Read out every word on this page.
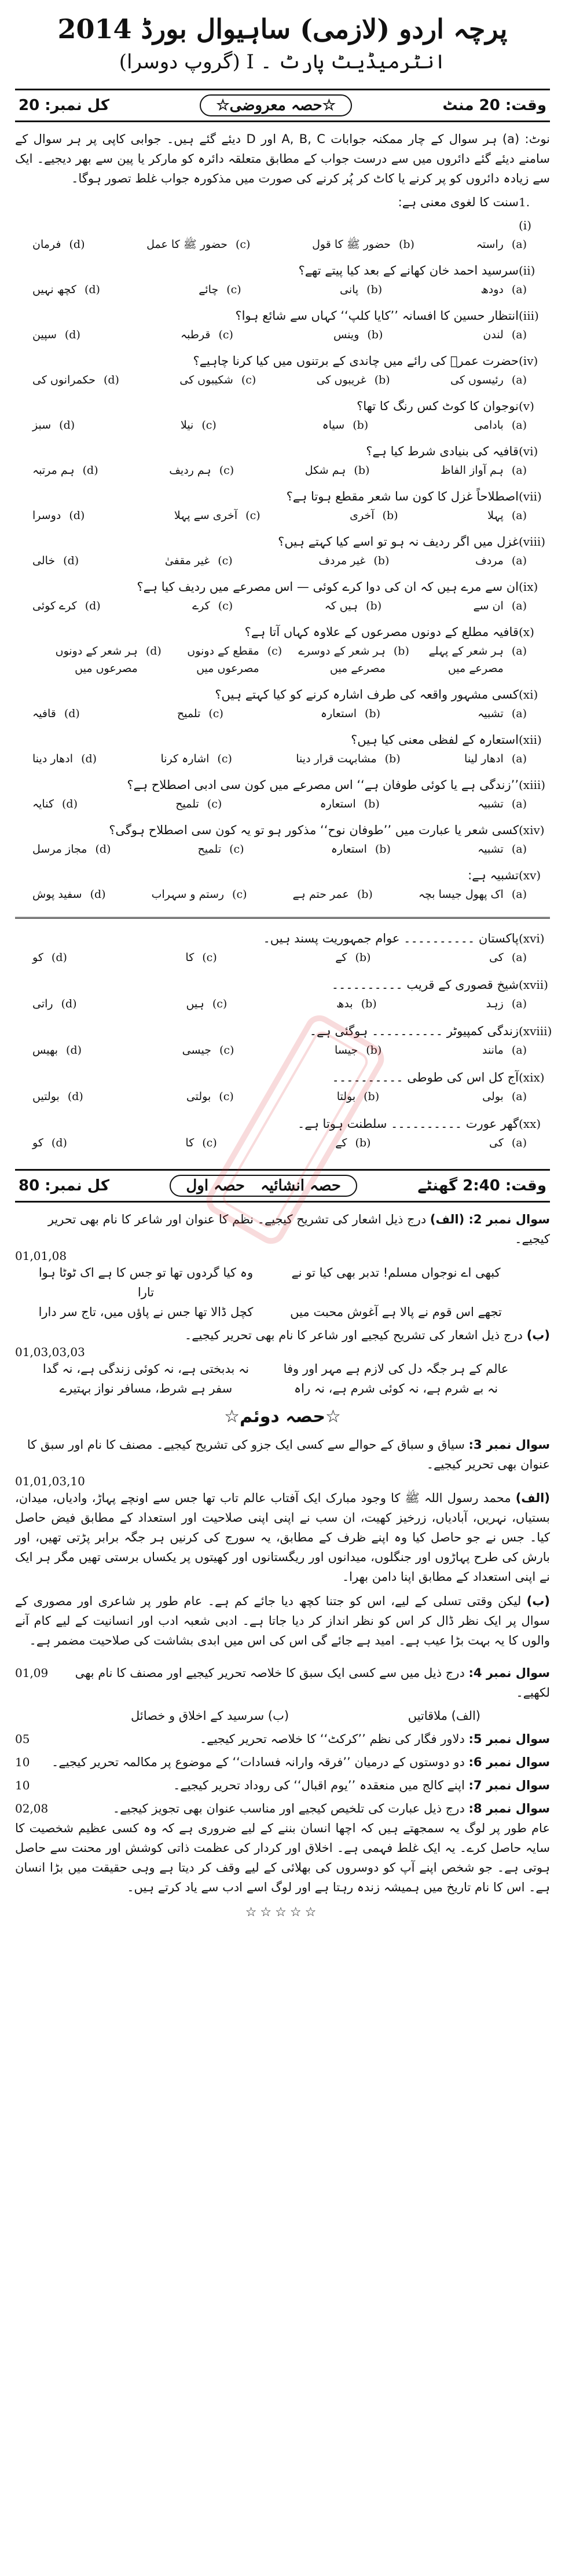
پرچہ اردو (لازمی) ساہیوال بورڈ 2014
انٹرمیڈیٹ پارٹ ۔ I (گروپ دوسرا)
وقت: 20 منٹ
☆حصہ معروضی☆
کل نمبر: 20
نوٹ: (a) ہر سوال کے چار ممکنہ جوابات A, B, C اور D دیئے گئے ہیں۔ جوابی کاپی پر ہر سوال کے سامنے دیئے گئے دائروں میں سے درست جواب کے مطابق متعلقہ دائرہ کو مارکر یا پین سے بھر دیجیے۔ ایک سے زیادہ دائروں کو پر کرنے یا کاٹ کر پُر کرنے کی صورت میں مذکورہ جواب غلط تصور ہوگا۔
1.
سنت کا لغوی معنی ہے:
(i)
(a)
راستہ
(b)
حضور ﷺ کا قول
(c)
حضور ﷺ کا عمل
(d)
فرمان
(ii)
سرسید احمد خان کھانے کے بعد کیا پیتے تھے؟
(a)
دودھ
(b)
پانی
(c)
چائے
(d)
کچھ نہیں
(iii)
انتظار حسین کا افسانہ ’’کایا کلپ‘‘ کہاں سے شائع ہوا؟
(a)
لندن
(b)
وینس
(c)
قرطبہ
(d)
سپین
(iv)
حضرت عمرؓ کی رائے میں چاندی کے برتنوں میں کیا کرنا چاہیے؟
(a)
رئیسوں کی
(b)
غریبوں کی
(c)
شکیبوں کی
(d)
حکمرانوں کی
(v)
نوجوان کا کوٹ کس رنگ کا تھا؟
(a)
بادامی
(b)
سیاہ
(c)
نیلا
(d)
سبز
(vi)
قافیہ کی بنیادی شرط کیا ہے؟
(a)
ہم آواز الفاظ
(b)
ہم شکل
(c)
ہم ردیف
(d)
ہم مرتبہ
(vii)
اصطلاحاً غزل کا کون سا شعر مقطع ہوتا ہے؟
(a)
پہلا
(b)
آخری
(c)
آخری سے پہلا
(d)
دوسرا
(viii)
غزل میں اگر ردیف نہ ہو تو اسے کیا کہتے ہیں؟
(a)
مردف
(b)
غیر مردف
(c)
غیر مقفیٰ
(d)
خالی
(ix)
ان سے مرے ہیں کہ ان کی دوا کرے کوئی — اس مصرعے میں ردیف کیا ہے؟
(a)
ان سے
(b)
ہیں کہ
(c)
کرے
(d)
کرے کوئی
(x)
قافیہ مطلع کے دونوں مصرعوں کے علاوہ کہاں آتا ہے؟
(a)
ہر شعر کے پہلے مصرعے میں
(b)
ہر شعر کے دوسرے مصرعے میں
(c)
مقطع کے دونوں مصرعوں میں
(d)
ہر شعر کے دونوں مصرعوں میں
(xi)
کسی مشہور واقعہ کی طرف اشارہ کرنے کو کیا کہتے ہیں؟
(a)
تشبیہ
(b)
استعارہ
(c)
تلمیح
(d)
قافیہ
(xii)
استعارہ کے لفظی معنی کیا ہیں؟
(a)
ادھار لینا
(b)
مشابہت قرار دینا
(c)
اشارہ کرنا
(d)
ادھار دینا
(xiii)
’’زندگی ہے یا کوئی طوفان ہے‘‘ اس مصرعے میں کون سی ادبی اصطلاح ہے؟
(a)
تشبیہ
(b)
استعارہ
(c)
تلمیح
(d)
کنایہ
(xiv)
کسی شعر یا عبارت میں ’’طوفان نوح‘‘ مذکور ہو تو یہ کون سی اصطلاح ہوگی؟
(a)
تشبیہ
(b)
استعارہ
(c)
تلمیح
(d)
مجاز مرسل
(xv)
تشبیہ ہے:
(a)
اک پھول جیسا بچہ
(b)
عمر حتم ہے
(c)
رستم و سہراب
(d)
سفید پوش
(xvi)
پاکستان ۔۔۔۔۔۔۔۔۔۔ عوام جمہوریت پسند ہیں۔
(a)
کی
(b)
کے
(c)
کا
(d)
کو
(xvii)
شیخ قصوری کے قریب ۔۔۔۔۔۔۔۔۔۔
(a)
زہد
(b)
بدھ
(c)
ہیں
(d)
راتی
(xviii)
زندگی کمپیوٹر ۔۔۔۔۔۔۔۔۔۔ ہوگئی ہے۔
(a)
مانند
(b)
جیسا
(c)
جیسی
(d)
بھیس
(xix)
آج کل اس کی طوطی ۔۔۔۔۔۔۔۔۔۔
(a)
بولی
(b)
بولتا
(c)
بولتی
(d)
بولتیں
(xx)
گھر عورت ۔۔۔۔۔۔۔۔۔۔ سلطنت ہوتا ہے۔
(a)
کی
(b)
کے
(c)
کا
(d)
کو
وقت: 2:40 گھنٹے
حصہ انشائیہ   حصہ اول
کل نمبر: 80
سوال نمبر 2: (الف) درج ذیل اشعار کی تشریح کیجیے۔ نظم کا عنوان اور شاعر کا نام بھی تحریر کیجیے۔
01,01,08
کبھی اے نوجواں مسلم! تدبر بھی کیا تو نے
وہ کیا گردوں تھا تو جس کا ہے اک ٹوٹا ہوا تارا
تجھے اس قوم نے پالا ہے آغوش محبت میں
کچل ڈالا تھا جس نے پاؤں میں، تاج سر دارا
(ب) درج ذیل اشعار کی تشریح کیجیے اور شاعر کا نام بھی تحریر کیجیے۔
01,03,03,03
عالم کے ہر جگہ دل کی لازم ہے مہر اور وفا
نہ بدبختی ہے، نہ کوئی زندگی ہے، نہ گدا
نہ بے شرم ہے، نہ کوئی شرم ہے، نہ راہ
سفر ہے شرط، مسافر نواز بہتیرے
☆حصہ دوئم☆
سوال نمبر 3: سیاق و سباق کے حوالے سے کسی ایک جزو کی تشریح کیجیے۔ مصنف کا نام اور سبق کا عنوان بھی تحریر کیجیے۔
01,01,03,10
(الف) محمد رسول اللہ ﷺ کا وجود مبارک ایک آفتاب عالم تاب تھا جس سے اونچے پہاڑ، وادیاں، میدان، بستیاں، نہریں، آبادیاں، زرخیز کھیت، ان سب نے اپنی اپنی صلاحیت اور استعداد کے مطابق فیض حاصل کیا۔ جس نے جو حاصل کیا وہ اپنے ظرف کے مطابق، یہ سورج کی کرنیں ہر جگہ برابر پڑتی تھیں، اور بارش کی طرح پہاڑوں اور جنگلوں، میدانوں اور ریگستانوں اور کھیتوں پر یکساں برستی تھیں مگر ہر ایک نے اپنی استعداد کے مطابق اپنا دامن بھرا۔
(ب) لیکن وقتی تسلی کے لیے، اس کو جتنا کچھ دیا جائے کم ہے۔ عام طور پر شاعری اور مصوری کے سوال پر ایک نظر ڈال کر اس کو نظر انداز کر دیا جاتا ہے۔ ادبی شعبہ ادب اور انسانیت کے لیے کام آنے والوں کا یہ بہت بڑا عیب ہے۔ امید ہے جائے گی اس کی اس میں ابدی بشاشت کی صلاحیت مضمر ہے۔
سوال نمبر 4: درج ذیل میں سے کسی ایک سبق کا خلاصہ تحریر کیجیے اور مصنف کا نام بھی لکھیے۔
01,09
(الف) ملاقاتیں
(ب) سرسید کے اخلاق و خصائل
سوال نمبر 5: دلاور فگار کی نظم ’’کرکٹ‘‘ کا خلاصہ تحریر کیجیے۔
05
سوال نمبر 6: دو دوستوں کے درمیان ’’فرقہ وارانہ فسادات‘‘ کے موضوع پر مکالمہ تحریر کیجیے۔
10
سوال نمبر 7: اپنے کالج میں منعقدہ ’’یوم اقبال‘‘ کی روداد تحریر کیجیے۔
10
سوال نمبر 8: درج ذیل عبارت کی تلخیص کیجیے اور مناسب عنوان بھی تجویز کیجیے۔
02,08
عام طور پر لوگ یہ سمجھتے ہیں کہ اچھا انسان بننے کے لیے ضروری ہے کہ وہ کسی عظیم شخصیت کا سایہ حاصل کرے۔ یہ ایک غلط فہمی ہے۔ اخلاق اور کردار کی عظمت ذاتی کوشش اور محنت سے حاصل ہوتی ہے۔ جو شخص اپنے آپ کو دوسروں کی بھلائی کے لیے وقف کر دیتا ہے وہی حقیقت میں بڑا انسان ہے۔ اس کا نام تاریخ میں ہمیشہ زندہ رہتا ہے اور لوگ اسے ادب سے یاد کرتے ہیں۔
☆☆☆☆☆
